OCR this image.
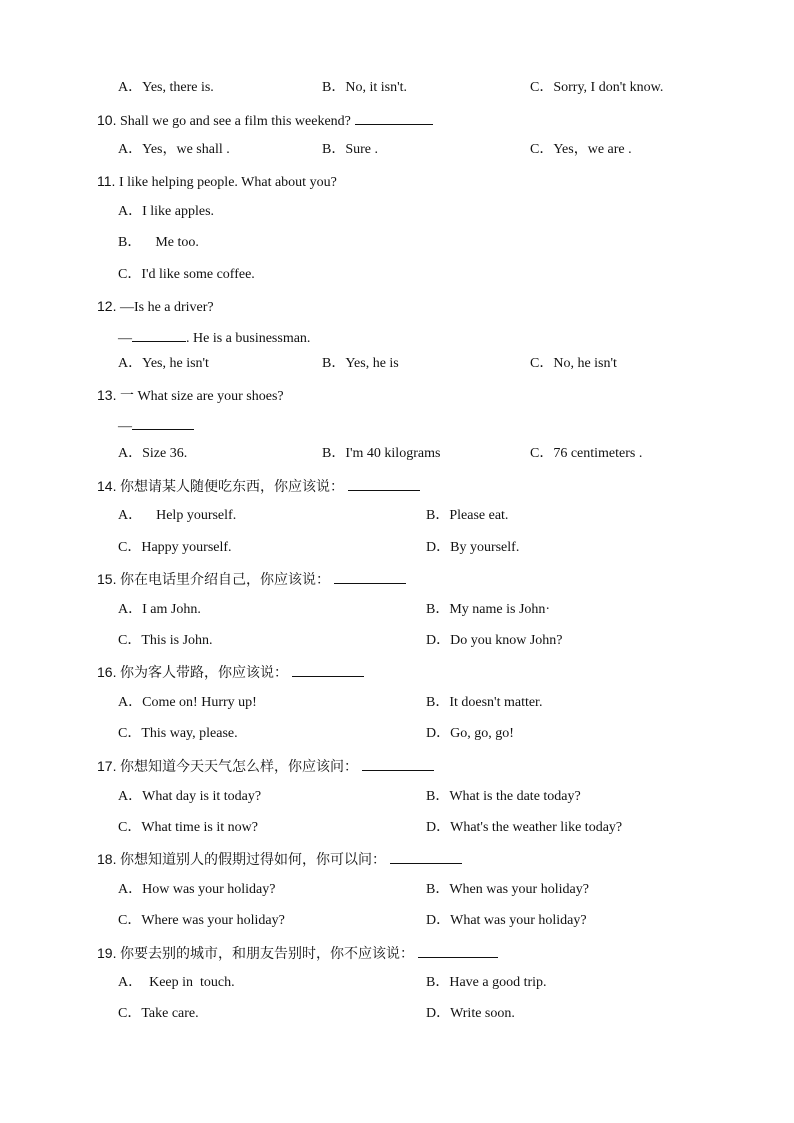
A．Yes, there is.	B．No, it isn't.	C．Sorry, I don't know.
10. Shall we go and see a film this weekend?
A．Yes，we shall .	B．Sure .	C．Yes，we are .
11. I like helping people. What about you?
A．I like apples.
B．    Me too.
C．I'd like some coffee.
12. —Is he a driver?
—	. He is a businessman.
A．Yes, he isn't	B．Yes, he is	C．No, he isn't
13. 一 What size are your shoes?
—
A．Size 36.	B．I'm 40 kilograms	C．76 centimeters .
14. 你想请某人随便吃东西，你应该说：
A．    Help yourself.	B．Please eat.
C．Happy yourself.	D．By yourself.
15. 你在电话里介绍自己，你应该说：
A．I am John.	B．My name is John·
C．This is John.	D．Do you know John?
16. 你为客人带路，你应该说：
A．Come on! Hurry up!	B．It doesn't matter.
C．This way, please.	D．Go, go, go!
17. 你想知道今天天气怎么样，你应该问：
A．What day is it today?	B．What is the date today?
C．What time is it now?	D．What's the weather like today?
18. 你想知道别人的假期过得如何，你可以问：
A．How was your holiday?	B．When was your holiday?
C．Where was your holiday?	D．What was your holiday?
19. 你要去别的城市，和朋友告别时，你不应该说：
A．  Keep in  touch.	B．Have a good trip.
C．Take care.	D．Write soon.
